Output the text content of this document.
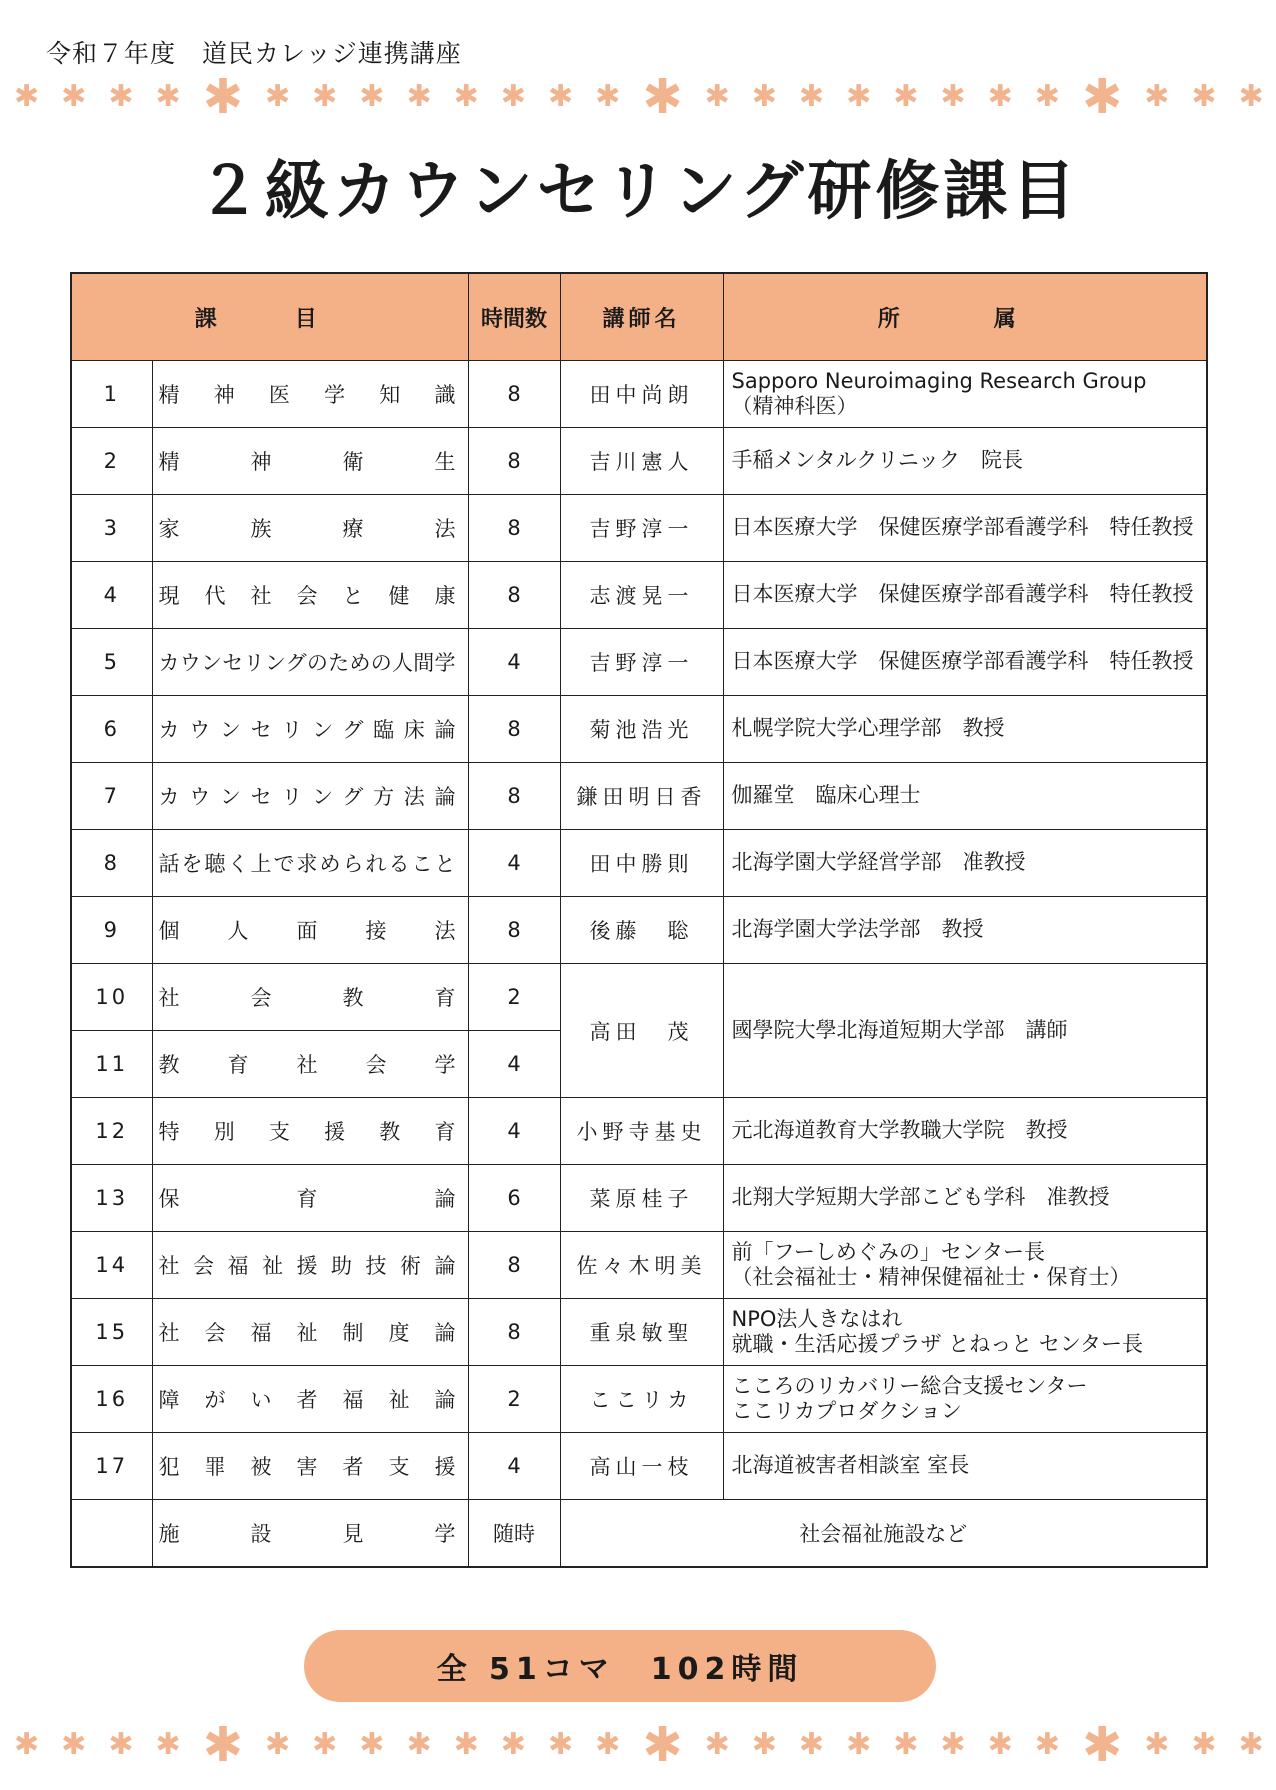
令和７年度　道民カレッジ連携講座
✱ ✱ ✱ ✱ ✱ ✱ ✱ ✱ ✱ ✱ ✱ ✱ ✱ ✱ ✱ ✱ ✱ ✱ ✱ ✱ ✱ ✱ ✱ ✱ ✱ ✱
２級カウンセリング研修課目
課　目		時間数	講師名	所　属
1	精神医学知識	8	田中尚朗	Sapporo Neuroimaging Research Group
（精神科医）

2	精神衛生	8	吉川憲人	手稲メンタルクリニック　院長

3	家族療法	8	吉野淳一	日本医療大学　保健医療学部看護学科　特任教授

4	現代社会と健康	8	志渡晃一	日本医療大学　保健医療学部看護学科　特任教授

5	カウンセリングのための人間学	4	吉野淳一	日本医療大学　保健医療学部看護学科　特任教授

6	カウンセリング臨床論	8	菊池浩光	札幌学院大学心理学部　教授

7	カウンセリング方法論	8	鎌田明日香	伽羅堂　臨床心理士

8	話を聴く上で求められること	4	田中勝則	北海学園大学経営学部　准教授

9	個人面接法	8	後藤　聡	北海学園大学法学部　教授

10	社会教育	2	高田　茂	國學院大學北海道短期大学部　講師

11	教育社会学	4		
12	特別支援教育	4	小野寺基史	元北海道教育大学教職大学院　教授

13	保育論	6	菜原桂子	北翔大学短期大学部こども学科　准教授

14	社会福祉援助技術論	8	佐々木明美	前「フーしめぐみの」センター長
（社会福祉士・精神保健福祉士・保育士）

15	社会福祉制度論	8	重泉敏聖	NPO法人きなはれ
就職・生活応援プラザ とねっと センター長

16	障がい者福祉論	2	ここリカ	こころのリカバリー総合支援センター
ここリカプロダクション

17	犯罪被害者支援	4	高山一枝	北海道被害者相談室 室長

	施設見学	随時	社会福祉施設など	
全 51コマ　102時間
✱ ✱ ✱ ✱ ✱ ✱ ✱ ✱ ✱ ✱ ✱ ✱ ✱ ✱ ✱ ✱ ✱ ✱ ✱ ✱ ✱ ✱ ✱ ✱ ✱ ✱
